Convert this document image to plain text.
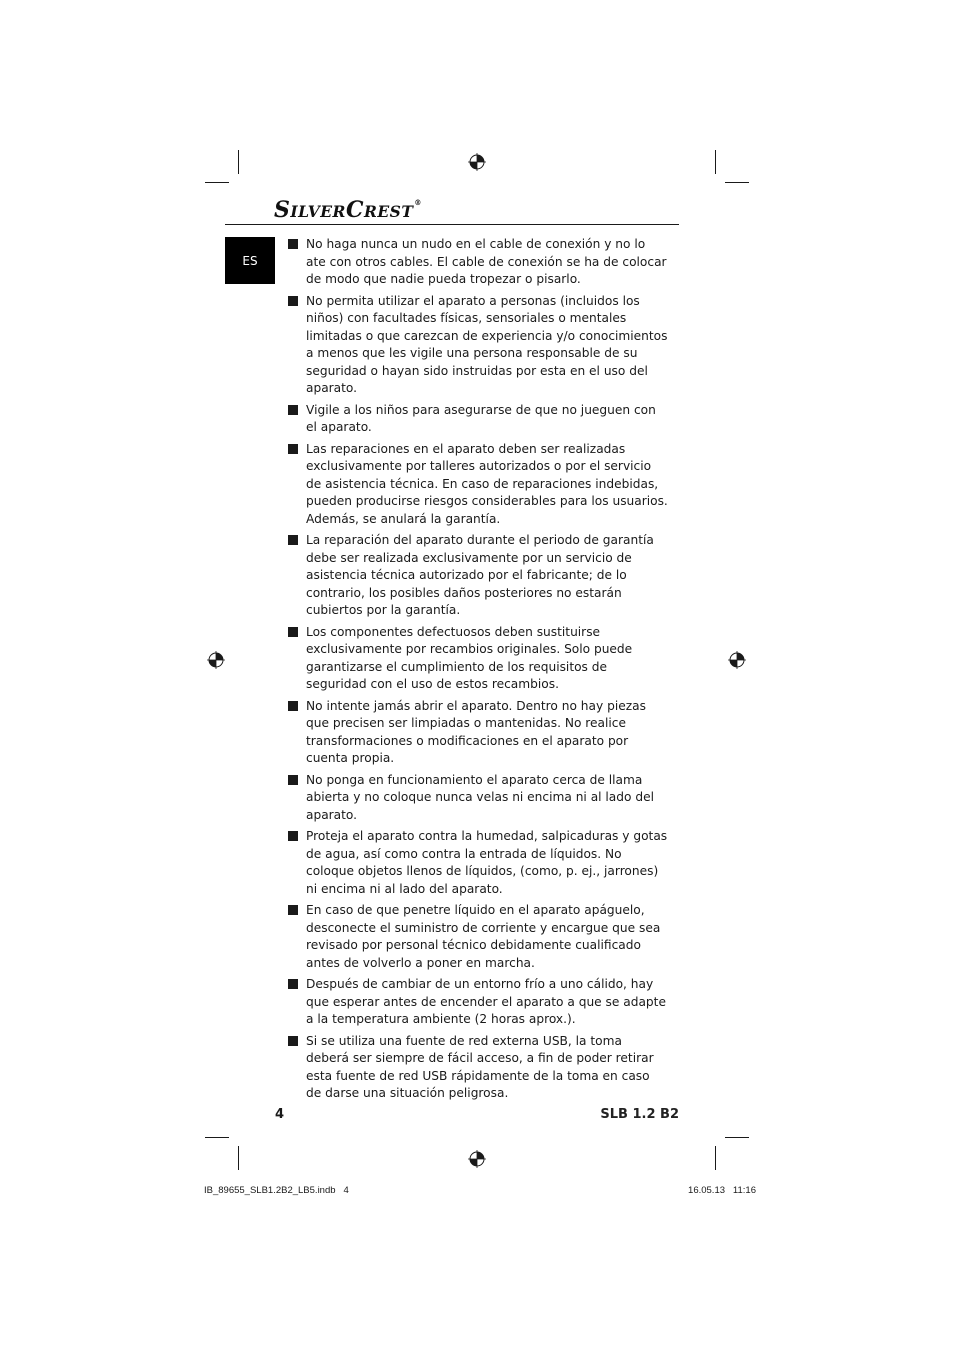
SILVERCREST®
ES
No haga nunca un nudo en el cable de conexión y no lo ate con otros cables. El cable de conexión se ha de colocar de modo que nadie pueda tropezar o pisarlo.
No permita utilizar el aparato a personas (incluidos los niños) con facultades físicas, sensoriales o mentales limitadas o que carezcan de experiencia y/o conocimientos a menos que les vigile una persona responsable de su seguridad o hayan sido instruidas por esta en el uso del aparato.
Vigile a los niños para asegurarse de que no jueguen con el aparato.
Las reparaciones en el aparato deben ser realizadas exclusivamente por talleres autorizados o por el servicio de asistencia técnica. En caso de reparaciones indebidas, pueden producirse riesgos considerables para los usuarios. Además, se anulará la garantía.
La reparación del aparato durante el periodo de garantía debe ser realizada exclusivamente por un servicio de asistencia técnica autorizado por el fabricante; de lo contrario, los posibles daños posteriores no estarán cubiertos por la garantía.
Los componentes defectuosos deben sustituirse exclusivamente por recambios originales. Solo puede garantizarse el cumplimiento de los requisitos de seguridad con el uso de estos recambios.
No intente jamás abrir el aparato. Dentro no hay piezas que precisen ser limpiadas o mantenidas. No realice transformaciones o modificaciones en el aparato por cuenta propia.
No ponga en funcionamiento el aparato cerca de llama abierta y no coloque nunca velas ni encima ni al lado del aparato.
Proteja el aparato contra la humedad, salpicaduras y gotas de agua, así como contra la entrada de líquidos. No coloque objetos llenos de líquidos, (como, p. ej., jarrones) ni encima ni al lado del aparato.
En caso de que penetre líquido en el aparato apáguelo, desconecte el suministro de corriente y encargue que sea revisado por personal técnico debidamente cualificado antes de volverlo a poner en marcha.
Después de cambiar de un entorno frío a uno cálido, hay que esperar antes de encender el aparato a que se adapte a la temperatura ambiente (2 horas aprox.).
Si se utiliza una fuente de red externa USB, la toma deberá ser siempre de fácil acceso, a fin de poder retirar esta fuente de red USB rápidamente de la toma en caso de darse una situación peligrosa.
4	SLB 1.2 B2
IB_89655_SLB1.2B2_LB5.indb   4	16.05.13   11:16
